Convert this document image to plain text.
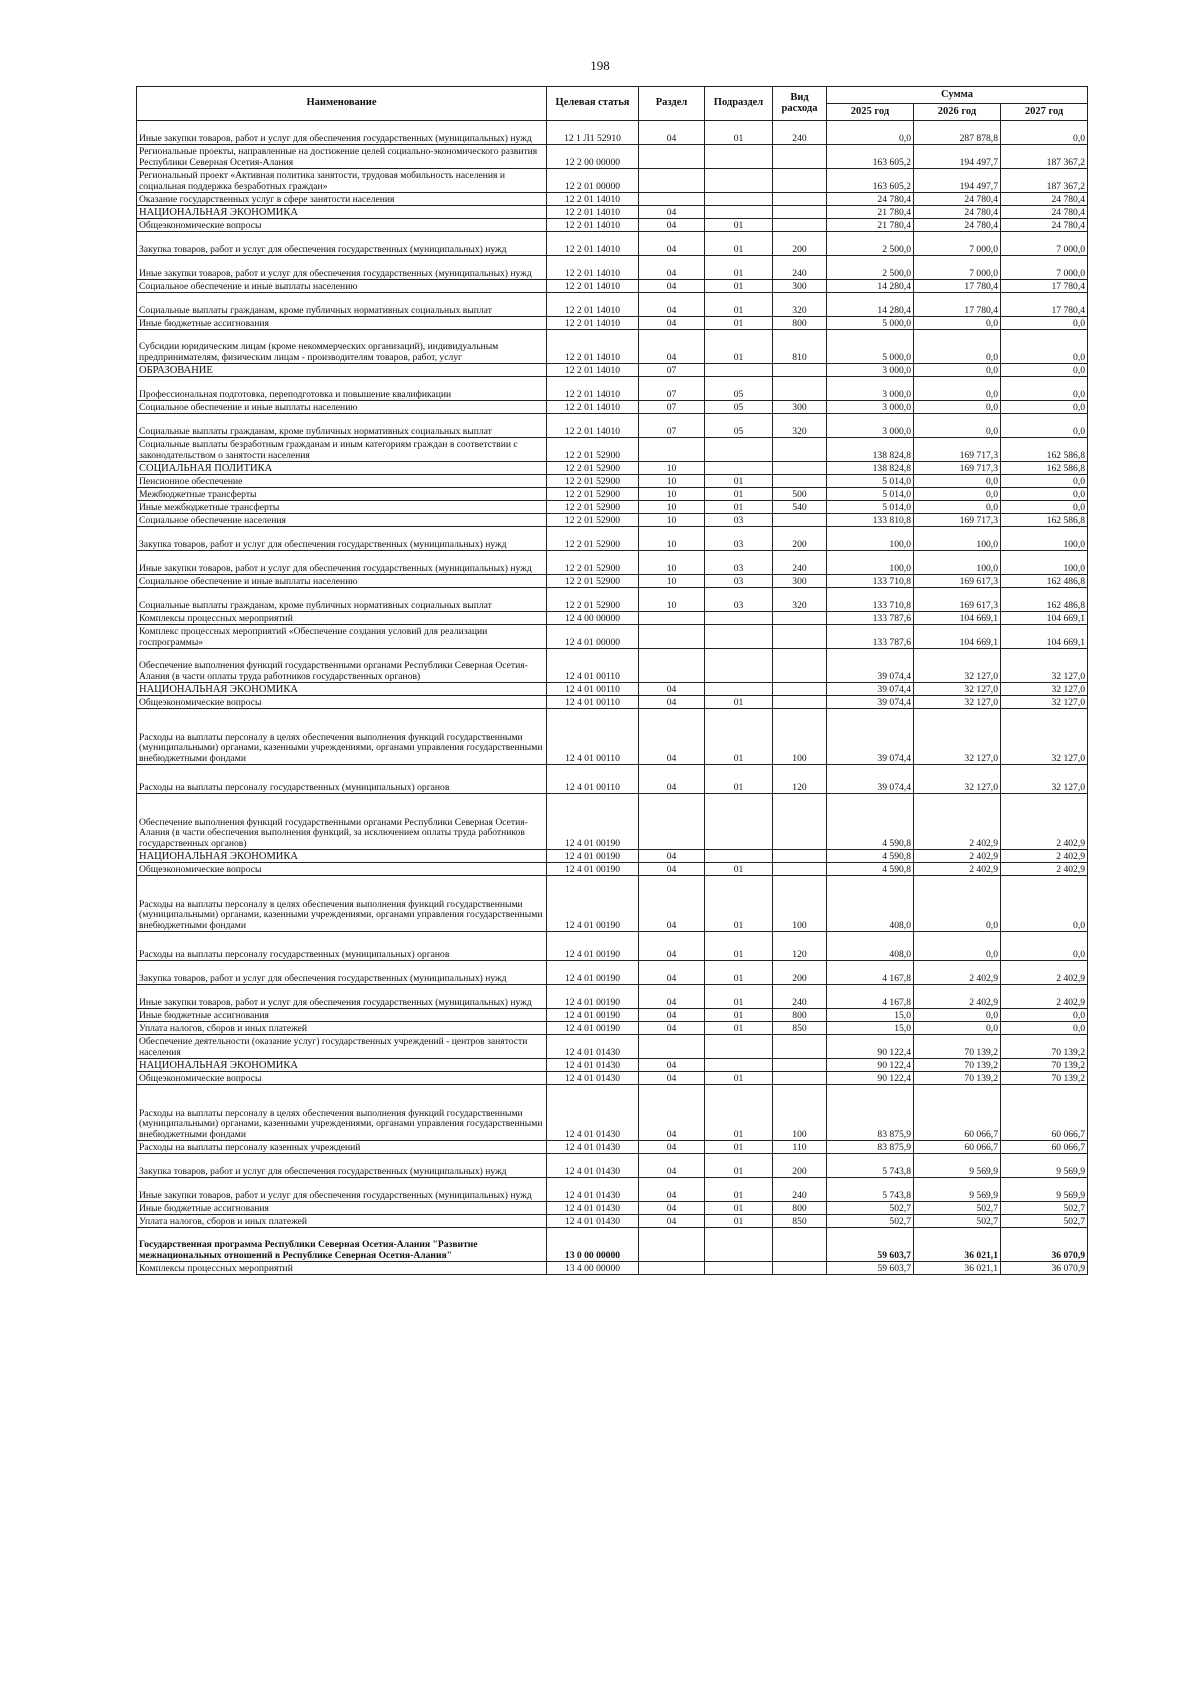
198
Наименование	Целевая статья	Раздел	Подраздел	Вид расхода	Сумма		
					2025 год	2026 год	2027 год
Иные закупки товаров, работ и услуг для обеспечения государственных (муниципальных) нужд	12 1 Л1 52910	04	01	240	0,0	287 878,8	0,0
Региональные проекты, направленные на достижение целей социально-экономического развития Республики Северная Осетия-Алания	12 2 00 00000				163 605,2	194 497,7	187 367,2
Региональный проект «Активная политика занятости, трудовая мобильность населения и социальная поддержка безработных граждан»	12 2 01 00000				163 605,2	194 497,7	187 367,2
Оказание государственных услуг в сфере занятости населения	12 2 01 14010				24 780,4	24 780,4	24 780,4
НАЦИОНАЛЬНАЯ ЭКОНОМИКА	12 2 01 14010	04			21 780,4	24 780,4	24 780,4
Общеэкономические вопросы	12 2 01 14010	04	01		21 780,4	24 780,4	24 780,4
Закупка товаров, работ и услуг для обеспечения государственных (муниципальных) нужд	12 2 01 14010	04	01	200	2 500,0	7 000,0	7 000,0
Иные закупки товаров, работ и услуг для обеспечения государственных (муниципальных) нужд	12 2 01 14010	04	01	240	2 500,0	7 000,0	7 000,0
Социальное обеспечение и иные выплаты населению	12 2 01 14010	04	01	300	14 280,4	17 780,4	17 780,4
Социальные выплаты гражданам, кроме публичных нормативных социальных выплат	12 2 01 14010	04	01	320	14 280,4	17 780,4	17 780,4
Иные бюджетные ассигнования	12 2 01 14010	04	01	800	5 000,0	0,0	0,0
Субсидии юридическим лицам (кроме некоммерческих организаций), индивидуальным предпринимателям, физическим лицам - производителям товаров, работ, услуг	12 2 01 14010	04	01	810	5 000,0	0,0	0,0
ОБРАЗОВАНИЕ	12 2 01 14010	07			3 000,0	0,0	0,0
Профессиональная подготовка, переподготовка и повышение квалификации	12 2 01 14010	07	05		3 000,0	0,0	0,0
Социальное обеспечение и иные выплаты населению	12 2 01 14010	07	05	300	3 000,0	0,0	0,0
Социальные выплаты гражданам, кроме публичных нормативных социальных выплат	12 2 01 14010	07	05	320	3 000,0	0,0	0,0
Социальные выплаты безработным гражданам и иным категориям граждан в соответствии с законодательством о занятости населения	12 2 01 52900				138 824,8	169 717,3	162 586,8
СОЦИАЛЬНАЯ ПОЛИТИКА	12 2 01 52900	10			138 824,8	169 717,3	162 586,8
Пенсионное обеспечение	12 2 01 52900	10	01		5 014,0	0,0	0,0
Межбюджетные трансферты	12 2 01 52900	10	01	500	5 014,0	0,0	0,0
Иные межбюджетные трансферты	12 2 01 52900	10	01	540	5 014,0	0,0	0,0
Социальное обеспечение населения	12 2 01 52900	10	03		133 810,8	169 717,3	162 586,8
Закупка товаров, работ и услуг для обеспечения государственных (муниципальных) нужд	12 2 01 52900	10	03	200	100,0	100,0	100,0
Иные закупки товаров, работ и услуг для обеспечения государственных (муниципальных) нужд	12 2 01 52900	10	03	240	100,0	100,0	100,0
Социальное обеспечение и иные выплаты населению	12 2 01 52900	10	03	300	133 710,8	169 617,3	162 486,8
Социальные выплаты гражданам, кроме публичных нормативных социальных выплат	12 2 01 52900	10	03	320	133 710,8	169 617,3	162 486,8
Комплексы процессных мероприятий	12 4 00 00000				133 787,6	104 669,1	104 669,1
Комплекс процессных мероприятий «Обеспечение создания условий для реализации госпрограммы»	12 4 01 00000				133 787,6	104 669,1	104 669,1
Обеспечение выполнения функций государственными органами Республики Северная Осетия-Алания (в части оплаты труда работников государственных органов)	12 4 01 00110				39 074,4	32 127,0	32 127,0
НАЦИОНАЛЬНАЯ ЭКОНОМИКА	12 4 01 00110	04			39 074,4	32 127,0	32 127,0
Общеэкономические вопросы	12 4 01 00110	04	01		39 074,4	32 127,0	32 127,0
Расходы на выплаты персоналу в целях обеспечения выполнения функций государственными (муниципальными) органами, казенными учреждениями, органами управления государственными внебюджетными фондами	12 4 01 00110	04	01	100	39 074,4	32 127,0	32 127,0
Расходы на выплаты персоналу государственных (муниципальных) органов	12 4 01 00110	04	01	120	39 074,4	32 127,0	32 127,0
Обеспечение выполнения функций государственными органами Республики Северная Осетия-Алания (в части обеспечения выполнения функций, за исключением оплаты труда работников государственных органов)	12 4 01 00190				4 590,8	2 402,9	2 402,9
НАЦИОНАЛЬНАЯ ЭКОНОМИКА	12 4 01 00190	04			4 590,8	2 402,9	2 402,9
Общеэкономические вопросы	12 4 01 00190	04	01		4 590,8	2 402,9	2 402,9
Расходы на выплаты персоналу в целях обеспечения выполнения функций государственными (муниципальными) органами, казенными учреждениями, органами управления государственными внебюджетными фондами	12 4 01 00190	04	01	100	408,0	0,0	0,0
Расходы на выплаты персоналу государственных (муниципальных) органов	12 4 01 00190	04	01	120	408,0	0,0	0,0
Закупка товаров, работ и услуг для обеспечения государственных (муниципальных) нужд	12 4 01 00190	04	01	200	4 167,8	2 402,9	2 402,9
Иные закупки товаров, работ и услуг для обеспечения государственных (муниципальных) нужд	12 4 01 00190	04	01	240	4 167,8	2 402,9	2 402,9
Иные бюджетные ассигнования	12 4 01 00190	04	01	800	15,0	0,0	0,0
Уплата налогов, сборов и иных платежей	12 4 01 00190	04	01	850	15,0	0,0	0,0
Обеспечение деятельности (оказание услуг) государственных учреждений - центров занятости населения	12 4 01 01430				90 122,4	70 139,2	70 139,2
НАЦИОНАЛЬНАЯ ЭКОНОМИКА	12 4 01 01430	04			90 122,4	70 139,2	70 139,2
Общеэкономические вопросы	12 4 01 01430	04	01		90 122,4	70 139,2	70 139,2
Расходы на выплаты персоналу в целях обеспечения выполнения функций государственными (муниципальными) органами, казенными учреждениями, органами управления государственными внебюджетными фондами	12 4 01 01430	04	01	100	83 875,9	60 066,7	60 066,7
Расходы на выплаты персоналу казенных учреждений	12 4 01 01430	04	01	110	83 875,9	60 066,7	60 066,7
Закупка товаров, работ и услуг для обеспечения государственных (муниципальных) нужд	12 4 01 01430	04	01	200	5 743,8	9 569,9	9 569,9
Иные закупки товаров, работ и услуг для обеспечения государственных (муниципальных) нужд	12 4 01 01430	04	01	240	5 743,8	9 569,9	9 569,9
Иные бюджетные ассигнования	12 4 01 01430	04	01	800	502,7	502,7	502,7
Уплата налогов, сборов и иных платежей	12 4 01 01430	04	01	850	502,7	502,7	502,7
Государственная программа Республики Северная Осетия-Алания "Развитие межнациональных отношений в Республике Северная Осетия-Алания"	13 0 00 00000				59 603,7	36 021,1	36 070,9
Комплексы процессных мероприятий	13 4 00 00000				59 603,7	36 021,1	36 070,9
